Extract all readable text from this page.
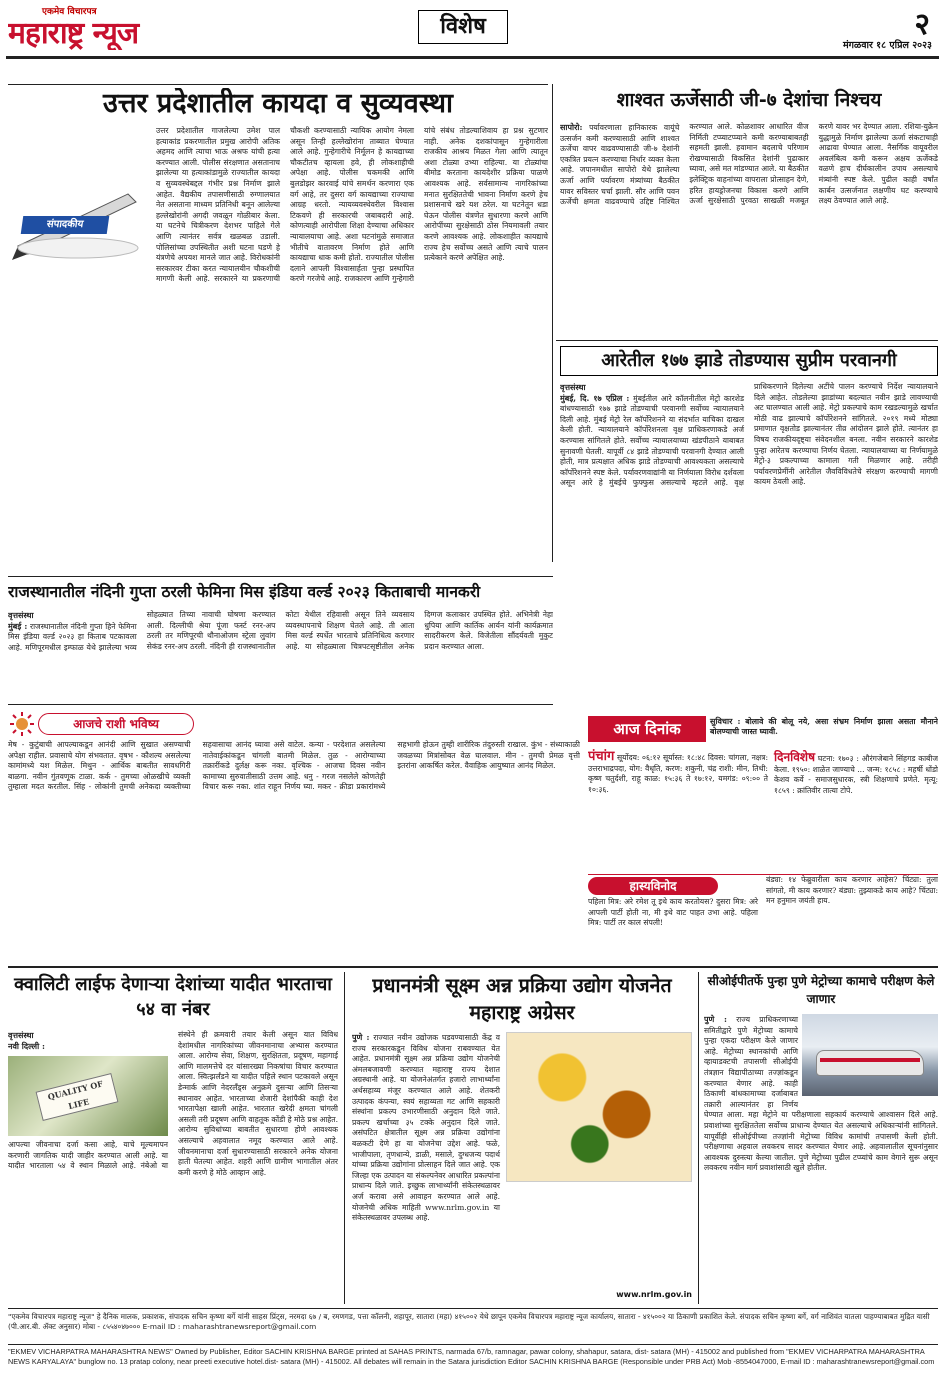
एकमेव विचारपत्र
महाराष्ट्र न्यूज	विशेष	२
मंगळवार १८ एप्रिल २०२३
उत्तर प्रदेशातील कायदा व सुव्यवस्था
संपादकीय
उत्तर प्रदेशातील गाजलेल्या उमेश पाल हत्याकांड प्रकरणातील प्रमुख आरोपी अतिक अहमद आणि त्याचा भाऊ अश्रफ यांची हत्या करण्यात आली. पोलीस संरक्षणात असतानाच झालेल्या या हत्याकांडामुळे राज्यातील कायदा व सुव्यवस्थेबद्दल गंभीर प्रश्न निर्माण झाले आहेत. वैद्यकीय तपासणीसाठी रुग्णालयात नेत असताना माध्यम प्रतिनिधी बनून आलेल्या हल्लेखोरांनी अगदी जवळून गोळीबार केला. या घटनेचे चित्रीकरण देशभर पाहिले गेले आणि त्यानंतर सर्वत्र खळबळ उडाली. पोलिसांच्या उपस्थितीत अशी घटना घडणे हे यंत्रणेचे अपयश मानले जात आहे. विरोधकांनी सरकारवर टीका करत न्यायालयीन चौकशीची मागणी केली आहे. सरकारने या प्रकरणाची चौकशी करण्यासाठी न्यायिक आयोग नेमला असून तिन्ही हल्लेखोरांना ताब्यात घेण्यात आले आहे. गुन्हेगारीचे निर्मूलन हे कायद्याच्या चौकटीतच व्हायला हवे, ही लोकशाहीची अपेक्षा आहे. पोलीस चकमकी आणि बुलडोझर कारवाई यांचे समर्थन करणारा एक वर्ग आहे, तर दुसरा वर्ग कायद्याच्या राज्याचा आग्रह धरतो. न्यायव्यवस्थेवरील विश्वास टिकवणे ही सरकारची जबाबदारी आहे. कोणत्याही आरोपीला शिक्षा देण्याचा अधिकार न्यायालयाचा आहे. अशा घटनांमुळे समाजात भीतीचे वातावरण निर्माण होते आणि कायद्याचा धाक कमी होतो. राज्यातील पोलीस दलाने आपली विश्वासार्हता पुन्हा प्रस्थापित करणे गरजेचे आहे. राजकारण आणि गुन्हेगारी यांचे संबंध तोडल्याशिवाय हा प्रश्न सुटणार नाही. अनेक दशकांपासून गुन्हेगारीला राजकीय आश्रय मिळत गेला आणि त्यातून अशा टोळ्या उभ्या राहिल्या. या टोळ्यांचा बीमोड करताना कायदेशीर प्रक्रिया पाळणे आवश्यक आहे. सर्वसामान्य नागरिकांच्या मनात सुरक्षिततेची भावना निर्माण करणे हेच प्रशासनाचे खरे यश ठरेल. या घटनेतून धडा घेऊन पोलीस यंत्रणेत सुधारणा करणे आणि आरोपींच्या सुरक्षेसाठी ठोस नियमावली तयार करणे आवश्यक आहे. लोकशाहीत कायद्याचे राज्य हेच सर्वोच्च असते आणि त्याचे पालन प्रत्येकाने करणे अपेक्षित आहे.
शाश्वत ऊर्जेसाठी जी-७ देशांचा निश्चय
सापोरो: पर्यावरणाला हानिकारक वायूंचे उत्सर्जन कमी करण्यासाठी आणि शाश्वत ऊर्जेचा वापर वाढवण्यासाठी जी-७ देशांनी एकत्रित प्रयत्न करण्याचा निर्धार व्यक्त केला आहे. जपानमधील सापोरो येथे झालेल्या ऊर्जा आणि पर्यावरण मंत्र्यांच्या बैठकीत यावर सविस्तर चर्चा झाली. सौर आणि पवन ऊर्जेची क्षमता वाढवण्याचे उद्दिष्ट निश्चित करण्यात आले. कोळशावर आधारित वीज निर्मिती टप्प्याटप्प्याने कमी करण्याबाबतही सहमती झाली. हवामान बदलाचे परिणाम रोखण्यासाठी विकसित देशांनी पुढाकार घ्यावा, असे मत मांडण्यात आले. या बैठकीत इलेक्ट्रिक वाहनांच्या वापराला प्रोत्साहन देणे, हरित हायड्रोजनचा विकास करणे आणि ऊर्जा सुरक्षेसाठी पुरवठा साखळी मजबूत करणे यावर भर देण्यात आला. रशिया-युक्रेन युद्धामुळे निर्माण झालेल्या ऊर्जा संकटाचाही आढावा घेण्यात आला. नैसर्गिक वायूवरील अवलंबित्व कमी करून अक्षय ऊर्जेकडे वळणे हाच दीर्घकालीन उपाय असल्याचे मंत्र्यांनी स्पष्ट केले. पुढील काही वर्षांत कार्बन उत्सर्जनात लक्षणीय घट करण्याचे लक्ष्य ठेवण्यात आले आहे.
आरेतील १७७ झाडे तोडण्यास सुप्रीम परवानगी
वृत्तसंस्था
मुंबई, दि. १७ एप्रिल : मुंबईतील आरे कॉलनीतील मेट्रो कारशेड बांधण्यासाठी १७७ झाडे तोडण्याची परवानगी सर्वोच्च न्यायालयाने दिली आहे. मुंबई मेट्रो रेल कॉर्पोरेशनने या संदर्भात याचिका दाखल केली होती. न्यायालयाने कॉर्पोरेशनला वृक्ष प्राधिकरणाकडे अर्ज करण्यास सांगितले होते. सर्वोच्च न्यायालयाच्या खंडपीठाने याबाबत सुनावणी घेतली. यापूर्वी ८४ झाडे तोडण्याची परवानगी देण्यात आली होती, मात्र प्रत्यक्षात अधिक झाडे तोडण्याची आवश्यकता असल्याचे कॉर्पोरेशनने स्पष्ट केले. पर्यावरणवाद्यांनी या निर्णयाला विरोध दर्शवला असून आरे हे मुंबईचे फुफ्फुस असल्याचे म्हटले आहे. वृक्ष प्राधिकरणाने दिलेल्या अटींचे पालन करण्याचे निर्देश न्यायालयाने दिले आहेत. तोडलेल्या झाडांच्या बदल्यात नवीन झाडे लावण्याची अट घालण्यात आली आहे. मेट्रो प्रकल्पाचे काम रखडल्यामुळे खर्चात मोठी वाढ झाल्याचे कॉर्पोरेशनने सांगितले. २०१९ मध्ये मोठ्या प्रमाणात वृक्षतोड झाल्यानंतर तीव्र आंदोलन झाले होते. त्यानंतर हा विषय राजकीयदृष्ट्या संवेदनशील बनला. नवीन सरकारने कारशेड पुन्हा आरेतच करण्याचा निर्णय घेतला. न्यायालयाच्या या निर्णयामुळे मेट्रो-३ प्रकल्पाच्या कामाला गती मिळणार आहे. तरीही पर्यावरणप्रेमींनी आरेतील जैवविविधतेचे संरक्षण करण्याची मागणी कायम ठेवली आहे.
राजस्थानातील नंदिनी गुप्ता ठरली फेमिना मिस इंडिया वर्ल्ड २०२३ किताबाची मानकरी
वृत्तसंस्था
मुंबई : राजस्थानातील नंदिनी गुप्ता हिने फेमिना मिस इंडिया वर्ल्ड २०२३ हा किताब पटकावला आहे. मणिपूरमधील इम्फाळ येथे झालेल्या भव्य सोहळ्यात तिच्या नावाची घोषणा करण्यात आली. दिल्लीची श्रेया पूंजा फर्स्ट रनर-अप ठरली तर मणिपूरची थौनाओजम स्ट्रेला लुवांग सेकंड रनर-अप ठरली. नंदिनी ही राजस्थानातील कोटा येथील रहिवासी असून तिने व्यवसाय व्यवस्थापनाचे शिक्षण घेतले आहे. ती आता मिस वर्ल्ड स्पर्धेत भारताचे प्रतिनिधित्व करणार आहे. या सोहळ्याला चित्रपटसृष्टीतील अनेक दिग्गज कलाकार उपस्थित होते. अभिनेत्री नेहा धुपिया आणि कार्तिक आर्यन यांनी कार्यक्रमात सादरीकरण केले. विजेतीला सौंदर्यवती मुकुट प्रदान करण्यात आला.
आजचे राशी भविष्य
मेष - कुटुंबाची आपल्याकडून आनंदी आणि सुखात असण्याची अपेक्षा राहील. प्रवासाचे योग संभवतात. वृषभ - कौशल्य असलेल्या कामांमध्ये यश मिळेल. मिथुन - आर्थिक बाबतीत सावधगिरी बाळगा. नवीन गुंतवणूक टाळा. कर्क - तुमच्या ओळखीचे व्यक्ती तुम्हाला मदत करतील. सिंह - लोकांनी तुमची अनेकदा व्यक्तीच्या सहवासाचा आनंद घ्यावा असे वाटेल. कन्या - परदेशात असलेल्या नातेवाईकांकडून चांगली बातमी मिळेल. तुळ - आरोग्याच्या तक्रारींकडे दुर्लक्ष करू नका. वृश्चिक - आजचा दिवस नवीन कामाच्या सुरुवातीसाठी उत्तम आहे. धनु - गरज नसलेले कोणतेही विचार करू नका. शांत राहून निर्णय घ्या. मकर - क्रीडा प्रकारांमध्ये सहभागी होऊन तुम्ही शारीरिक तंदुरुस्ती राखाल. कुंभ - संध्याकाळी जवळच्या मित्रांसोबत वेळ घालवाल. मीन - तुमची प्रेमळ वृत्ती इतरांना आकर्षित करेल. वैवाहिक आयुष्यात आनंद मिळेल.
आज दिनांक	सुविचार : बोलावे की बोलू नये, असा संभ्रम निर्माण झाला असता मौनाने बोलण्याची जास्त घ्यावी.
पंचांग सूर्योदय: ०६:१२ सूर्यास्त: १८:४८ दिवस: चांगला, नक्षत्र: उत्तराभाद्रपदा, योग: वैधृति, करण: शकुनी, चंद्र राशी: मीन, तिथी: कृष्ण चतुर्दशी, राहू काळ: १५:३६ ते १७:१२, यमगंड: ०९:०० ते १०:३६.
दिनविशेष घटना: १७०३ : औरंगजेबाने सिंहगड काबीज केला. १९५०: शाळेत जाण्याचे ... जन्म: १८५८ : महर्षी धोंडो केशव कर्वे - समाजसुधारक, स्त्री शिक्षणाचे प्रणेते. मृत्यू: १८५९ : क्रांतिवीर तात्या टोपे.
हास्यविनोद
पहिला मित्र: अरे रमेश तू इथे काय करतोयस? दुसरा मित्र: अरे आपली पार्टी होती ना, मी इथे वाट पाहत उभा आहे. पहिला मित्र: पार्टी तर काल संपली!
बंड्या: १४ फेब्रुवारीला काय करणार आहेस? चिंट्या: तुला सांगतो, मी काय करणार? बंड्या: तुझ्याकडे काय आहे? चिंट्या: मन हनुमान जयंती हाय.
क्वालिटी लाईफ देणाऱ्या देशांच्या यादीत भारताचा ५४ वा नंबर
वृत्तसंस्था
नवी दिल्ली :
QUALITY OF LIFE
आपल्या जीवनाचा दर्जा कसा आहे, याचे मूल्यमापन करणारी जागतिक यादी जाहीर करण्यात आली आहे. या यादीत भारताला ५४ वे स्थान मिळाले आहे. नंबेओ या संस्थेने ही क्रमवारी तयार केली असून यात विविध देशांमधील नागरिकांच्या जीवनमानाचा अभ्यास करण्यात आला. आरोग्य सेवा, शिक्षण, सुरक्षितता, प्रदूषण, महागाई आणि मालमत्तेचे दर यांसारख्या निकषांचा विचार करण्यात आला. स्वित्झर्लंडने या यादीत पहिले स्थान पटकावले असून डेन्मार्क आणि नेदरलँड्स अनुक्रमे दुसऱ्या आणि तिसऱ्या स्थानावर आहेत. भारताच्या शेजारी देशांपैकी काही देश भारतापेक्षा खाली आहेत. भारतात खरेदी क्षमता चांगली असली तरी प्रदूषण आणि वाहतूक कोंडी हे मोठे प्रश्न आहेत. आरोग्य सुविधांच्या बाबतीत सुधारणा होणे आवश्यक असल्याचे अहवालात नमूद करण्यात आले आहे. जीवनमानाचा दर्जा सुधारण्यासाठी सरकारने अनेक योजना हाती घेतल्या आहेत. शहरी आणि ग्रामीण भागातील अंतर कमी करणे हे मोठे आव्हान आहे.
प्रधानमंत्री सूक्ष्म अन्न प्रक्रिया उद्योग योजनेत महाराष्ट्र अग्रेसर
पुणे : राज्यात नवीन उद्योजक घडवण्यासाठी केंद्र व राज्य सरकारकडून विविध योजना राबवण्यात येत आहेत. प्रधानमंत्री सूक्ष्म अन्न प्रक्रिया उद्योग योजनेची अंमलबजावणी करण्यात महाराष्ट्र राज्य देशात अग्रस्थानी आहे. या योजनेअंतर्गत हजारो लाभार्थ्यांना अर्थसहाय्य मंजूर करण्यात आले आहे. शेतकरी उत्पादक कंपन्या, स्वयं सहाय्यता गट आणि सहकारी संस्थांना प्रकल्प उभारणीसाठी अनुदान दिले जाते. प्रकल्प खर्चाच्या ३५ टक्के अनुदान दिले जाते. असंघटित क्षेत्रातील सूक्ष्म अन्न प्रक्रिया उद्योगांना बळकटी देणे हा या योजनेचा उद्देश आहे. फळे, भाजीपाला, तृणधान्ये, डाळी, मसाले, दुग्धजन्य पदार्थ यांच्या प्रक्रिया उद्योगांना प्रोत्साहन दिले जात आहे. एक जिल्हा एक उत्पादन या संकल्पनेवर आधारित प्रकल्पांना प्राधान्य दिले जाते. इच्छुक लाभार्थ्यांनी संकेतस्थळावर अर्ज करावा असे आवाहन करण्यात आले आहे. योजनेची अधिक माहिती www.nrlm.gov.in या संकेतस्थळावर उपलब्ध आहे.
www.nrlm.gov.in
सीओईपीतर्फे पुन्हा पुणे मेट्रोच्या कामाचे परीक्षण केले जाणार
पुणे : राज्य प्राधिकरणाच्या समितीद्वारे पुणे मेट्रोच्या कामाचे पुन्हा एकदा परीक्षण केले जाणार आहे. मेट्रोच्या स्थानकांची आणि व्हायाडक्टची तपासणी सीओईपी तंत्रज्ञान विद्यापीठाच्या तज्ज्ञांकडून करण्यात येणार आहे. काही ठिकाणी बांधकामाच्या दर्जाबाबत तक्रारी आल्यानंतर हा निर्णय घेण्यात आला. महा मेट्रोने या परीक्षणाला सहकार्य करण्याचे आश्वासन दिले आहे. प्रवाशांच्या सुरक्षिततेला सर्वोच्च प्राधान्य देण्यात येत असल्याचे अधिकाऱ्यांनी सांगितले. यापूर्वीही सीओईपीच्या तज्ज्ञांनी मेट्रोच्या विविध कामांची तपासणी केली होती. परीक्षणाचा अहवाल लवकरच सादर करण्यात येणार आहे. अहवालातील सूचनांनुसार आवश्यक दुरुस्त्या केल्या जातील. पुणे मेट्रोच्या पुढील टप्प्यांचे काम वेगाने सुरू असून लवकरच नवीन मार्ग प्रवाशांसाठी खुले होतील.
"एकमेव विचारपत्र महाराष्ट्र न्यूज" हे दैनिक मालक, प्रकाशक, संपादक सचिन कृष्णा बर्गे यांनी साहस प्रिंट्स, नरमदा ६७ / ब, रमणगड, पत्ता कॉलनी, शहापूर, सातारा (महा) ४१५००२ येथे छापून एकमेव विचारपत्र महाराष्ट्र न्यूज कार्यालय, सातारा - ४१५००२ या ठिकाणी प्रकाशित केले. संपादक सचिन कृष्णा बर्गे, वर्ग नाशिवंत यातला पाहण्याबाबत मुद्रित यासी (पी.आर.बी. ॲक्ट अनुसार) मोबा - ८५५४०४७००० E-mail ID : maharashtranewsreport@gmail.com
"EKMEV VICHARPATRA MAHARASHTRA NEWS" Owned by Publisher, Editor SACHIN KRISHNA BARGE printed at SAHAS PRINTS, narmada 67/b, ramnagar, pawar colony, shahapur, satara, dist- satara (MH) - 415002 and published from "EKMEV VICHARPATRA MAHARASHTRA NEWS KARYALAYA" bunglow no. 13 pratap colony, near preeti executive hotel.dist- satara (MH) - 415002. All debates will remain in the Satara jurisdiction Editor SACHIN KRISHNA BARGE (Responsible under PRB Act) Mob -8554047000, E-mail ID : maharashtranewsreport@gmail.com
